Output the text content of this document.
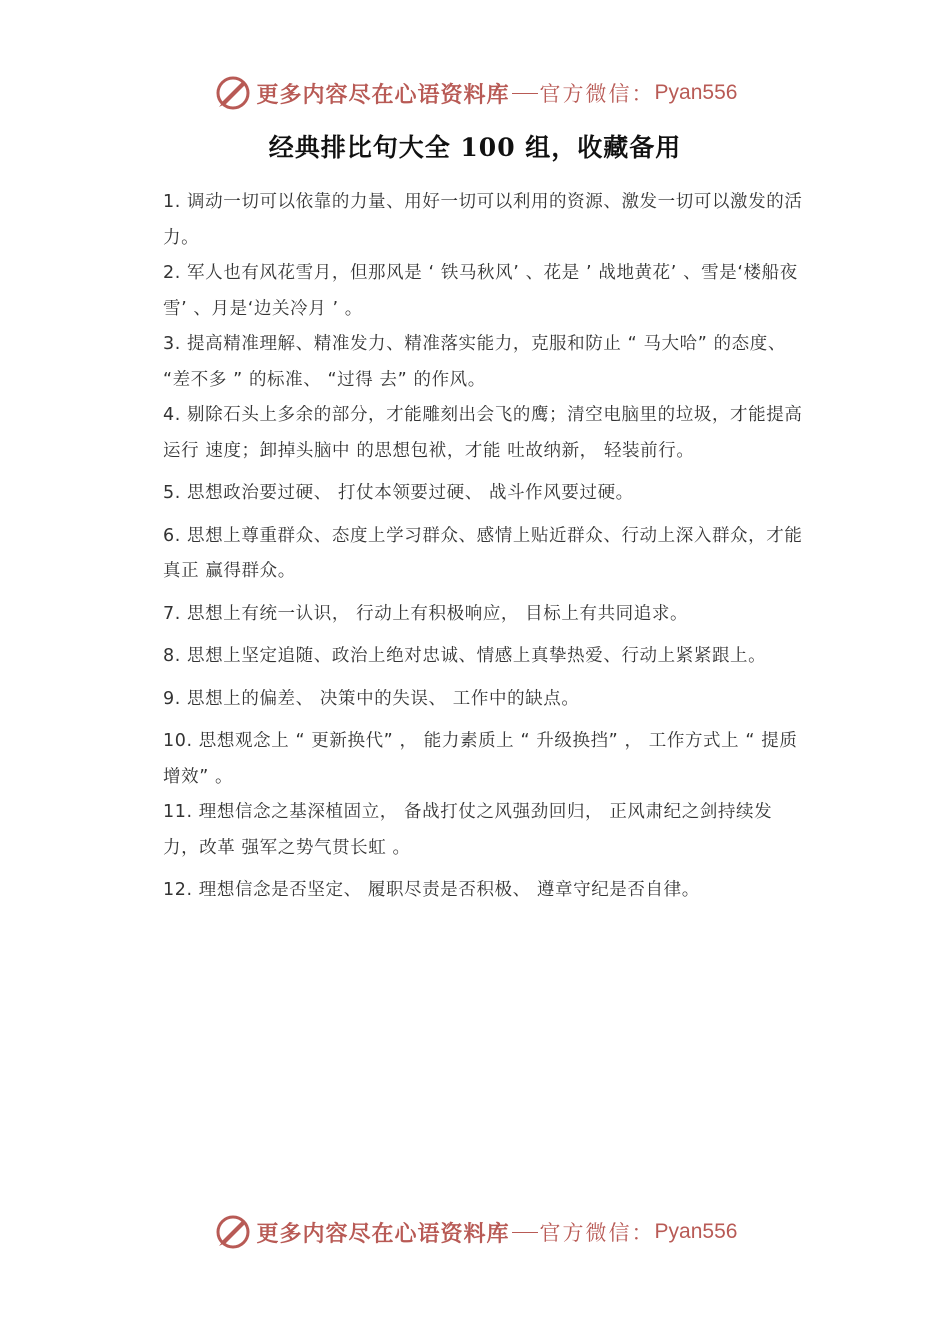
更多内容尽在心语资料库 官方微信： Pyan556
经典排比句大全 100 组，收藏备用
1. 调动一切可以依靠的力量、用好一切可以利用的资源、激发一切可以激发的活力。
2. 军人也有风花雪月，但那风是 ‘ 铁马秋风’ 、花是 ’ 战地黄花’ 、雪是‘楼船夜雪’ 、月是‘边关冷月 ’ 。
3. 提高精准理解、精准发力、精准落实能力，克服和防止 “ 马大哈” 的态度、 “差不多 ” 的标准、 “过得 去” 的作风。
4. 剔除石头上多余的部分，才能雕刻出会飞的鹰；清空电脑里的垃圾，才能提高运行 速度；卸掉头脑中 的思想包袱，才能 吐故纳新， 轻装前行。
5. 思想政治要过硬、 打仗本领要过硬、 战斗作风要过硬。
6. 思想上尊重群众、态度上学习群众、感情上贴近群众、行动上深入群众，才能真正 赢得群众。
7. 思想上有统一认识， 行动上有积极响应， 目标上有共同追求。
8. 思想上坚定追随、政治上绝对忠诚、情感上真挚热爱、行动上紧紧跟上。
9. 思想上的偏差、 决策中的失误、 工作中的缺点。
10. 思想观念上 “ 更新换代” ， 能力素质上 “ 升级换挡” ， 工作方式上 “ 提质增效” 。
11. 理想信念之基深植固立， 备战打仗之风强劲回归， 正风肃纪之剑持续发力，改革 强军之势气贯长虹 。
12. 理想信念是否坚定、 履职尽责是否积极、 遵章守纪是否自律。
更多内容尽在心语资料库 官方微信： Pyan556
